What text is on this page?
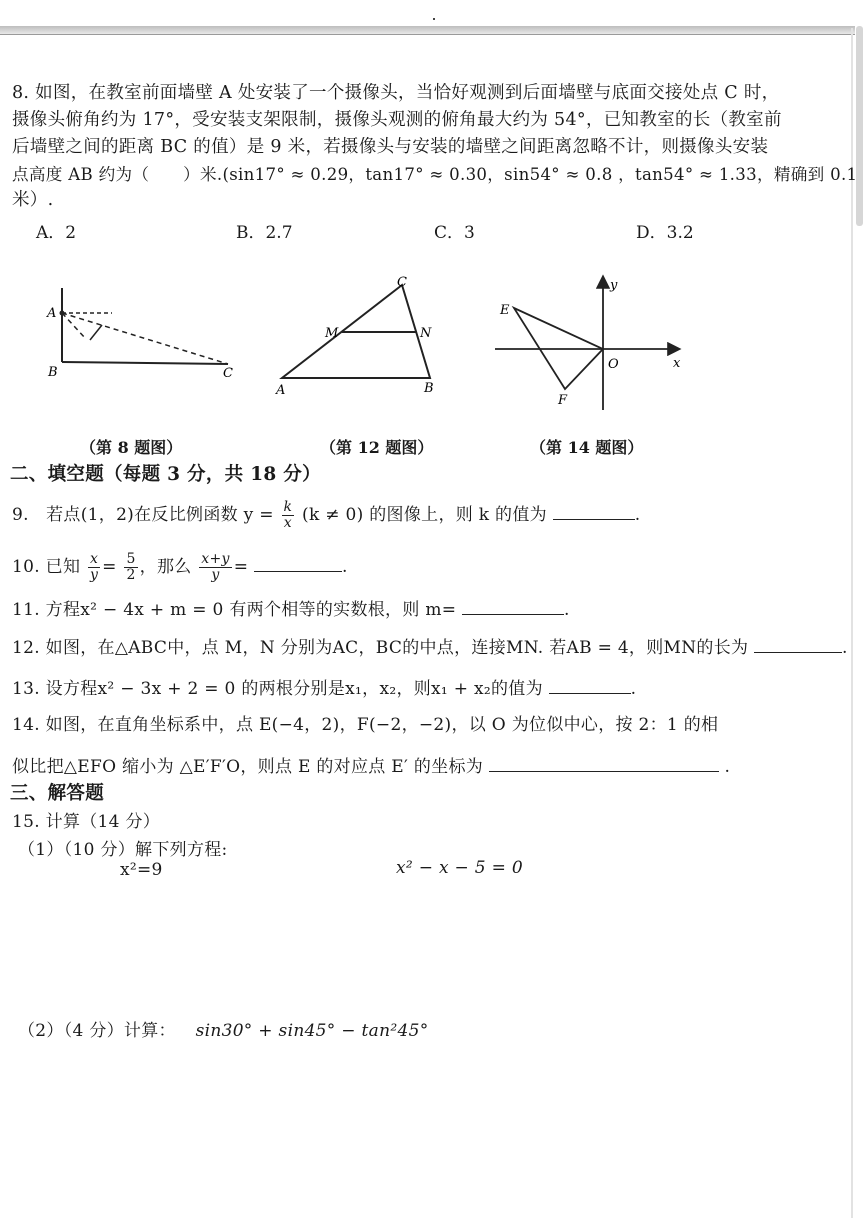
8. 如图，在教室前面墙壁 A 处安装了一个摄像头，当恰好观测到后面墙壁与底面交接处点 C 时，
摄像头俯角约为 17°，受安装支架限制，摄像头观测的俯角最大约为 54°，已知教室的长（教室前
后墙壁之间的距离 BC 的值）是 9 米，若摄像头与安装的墙壁之间距离忽略不计，则摄像头安装
点高度 AB 约为（　　）米.(sin17° ≈ 0.29，tan17° ≈ 0.30，sin54° ≈ 0.8 ，tan54° ≈ 1.33，精确到 0.1
米）.
A．2	B．2.7	C．3	D．3.2
A
B	C
C
M	N
A	B
E
F
O	x
y
（第 8 题图）	（第 12 题图）	（第 14 题图）
二、填空题（每题 3 分，共 18 分）
9.　若点(1，2)在反比例函数 $y = \frac{k}{x} (k \ne 0)$ 的图像上，则 k 的值为	.
10. 已知 $\frac{x}{y} = \frac{5}{2}$ ，那么 $\frac{x+y}{y}$ =	.
11. 方程x² − 4x + m = 0 有两个相等的实数根，则 m=	.
12. 如图，在△ABC中，点 M，N 分别为AC，BC的中点，连接MN. 若AB = 4，则MN的长为	.
13. 设方程x² − 3x + 2 = 0 的两根分别是x₁，x₂，则x₁ + x₂的值为	.
14. 如图，在直角坐标系中，点 E(−4，2)，F(−2，−2)，以 O 为位似中心，按 2：1 的相
似比把△EFO 缩小为 △E′F′O，则点 E 的对应点 E′ 的坐标为	.
三、解答题
15. 计算（14 分）
（1）（10 分）解下列方程:
x²=9	x² − x − 5 = 0
（2）（4 分）计算： sin30° + sin45° − tan²45°
